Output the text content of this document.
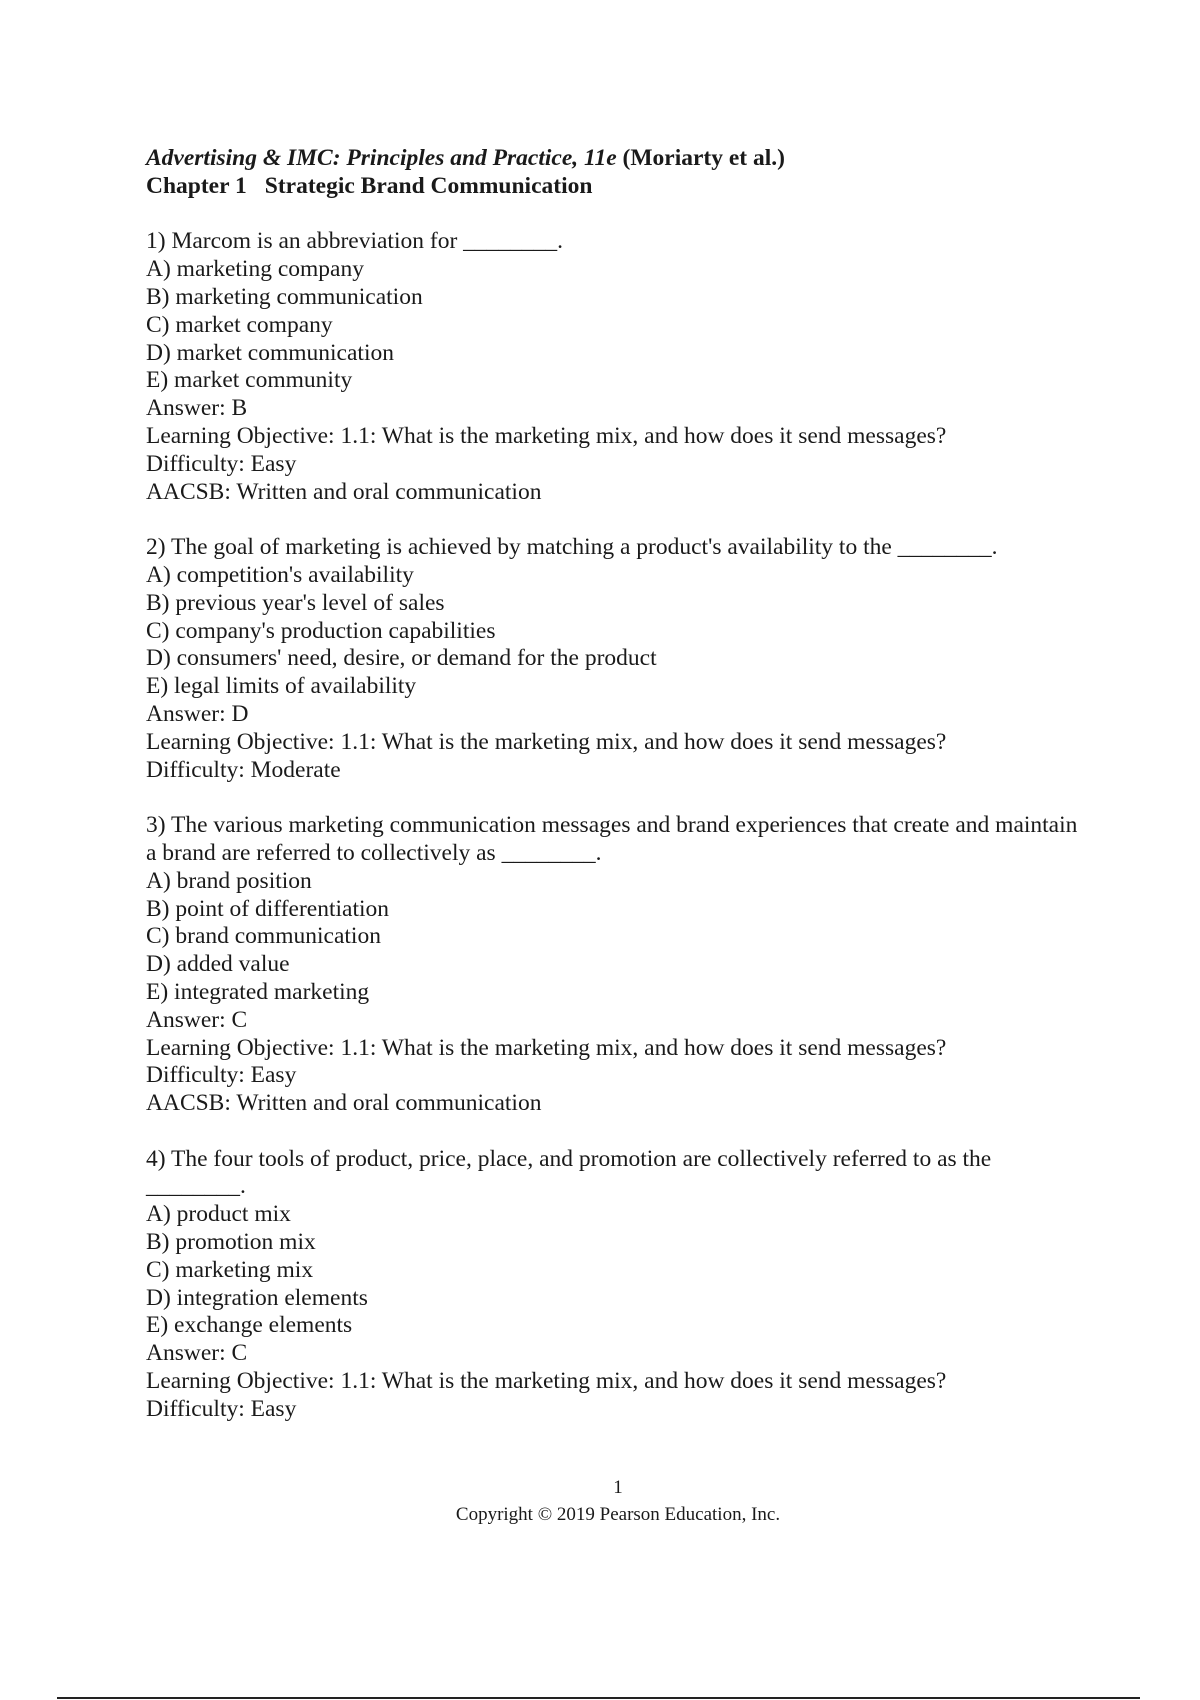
Advertising & IMC: Principles and Practice, 11e (Moriarty et al.)
Chapter 1 Strategic Brand Communication
1) Marcom is an abbreviation for ________.
A) marketing company
B) marketing communication
C) market company
D) market communication
E) market community
Answer: B
Learning Objective: 1.1: What is the marketing mix, and how does it send messages?
Difficulty: Easy
AACSB: Written and oral communication
2) The goal of marketing is achieved by matching a product's availability to the ________.
A) competition's availability
B) previous year's level of sales
C) company's production capabilities
D) consumers' need, desire, or demand for the product
E) legal limits of availability
Answer: D
Learning Objective: 1.1: What is the marketing mix, and how does it send messages?
Difficulty: Moderate
3) The various marketing communication messages and brand experiences that create and maintain a brand are referred to collectively as ________.
A) brand position
B) point of differentiation
C) brand communication
D) added value
E) integrated marketing
Answer: C
Learning Objective: 1.1: What is the marketing mix, and how does it send messages?
Difficulty: Easy
AACSB: Written and oral communication
4) The four tools of product, price, place, and promotion are collectively referred to as the ________.
A) product mix
B) promotion mix
C) marketing mix
D) integration elements
E) exchange elements
Answer: C
Learning Objective: 1.1: What is the marketing mix, and how does it send messages?
Difficulty: Easy
1
Copyright © 2019 Pearson Education, Inc.
